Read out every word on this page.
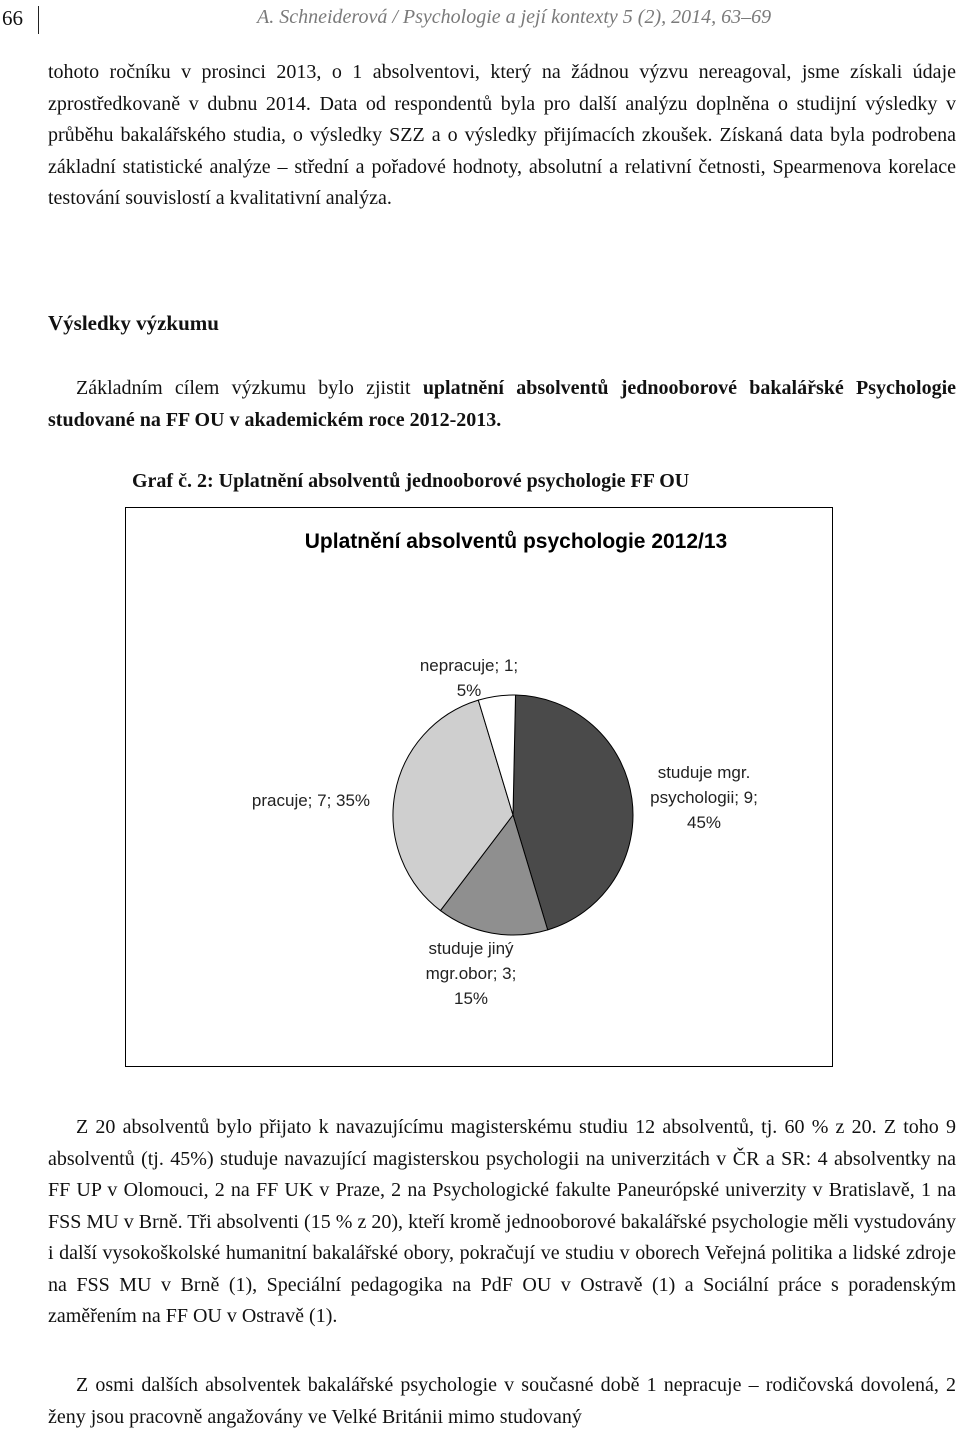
66	A. Schneiderová / Psychologie a její kontexty 5 (2), 2014, 63–69

tohoto ročníku v prosinci 2013, o 1 absolventovi, který na žádnou výzvu nereagoval, jsme získali údaje zprostředkovaně v dubnu 2014. Data od respondentů byla pro další analýzu doplněna o studijní výsledky v průběhu bakalářského studia, o výsledky SZZ a o výsledky přijímacích zkoušek. Získaná data byla podrobena základní statistické analýze – střední a pořadové hodnoty, absolutní a relativní četnosti, Spearmenova korelace testování souvislostí a kvalitativní analýza.

Výsledky výzkumu

Základním cílem výzkumu bylo zjistit uplatnění absolventů jednooborové bakalářské Psychologie studované na FF OU v akademickém roce 2012-2013.

Graf č. 2: Uplatnění absolventů jednooborové psychologie FF OU
Uplatnění absolventů psychologie 2012/13
studuje mgr. psychologii; 9; 45%
studuje jiný mgr.obor; 3; 15%
pracuje; 7; 35%
nepracuje; 1; 5%

Z 20 absolventů bylo přijato k navazujícímu magisterskému studiu 12 absolventů, tj. 60 % z 20. Z toho 9 absolventů (tj. 45%) studuje navazující magisterskou psychologii na univerzitách v ČR a SR: 4 absolventky na FF UP v Olomouci, 2 na FF UK v Praze, 2 na Psychologické fakulte Paneurópské univerzity v Bratislavě, 1 na FSS MU v Brně. Tři absolventi (15 % z 20), kteří kromě jednooborové bakalářské psychologie měli vystudovány i další vysokoškolské humanitní bakalářské obory, pokračují ve studiu v oborech Veřejná politika a lidské zdroje na FSS MU v Brně (1), Speciální pedagogika na PdF OU v Ostravě (1) a Sociální práce s poradenským zaměřením na FF OU v Ostravě (1).

Z osmi dalších absolventek bakalářské psychologie v současné době 1 nepracuje – rodičovská dovolená, 2 ženy jsou pracovně angažovány ve Velké Británii mimo studovaný
